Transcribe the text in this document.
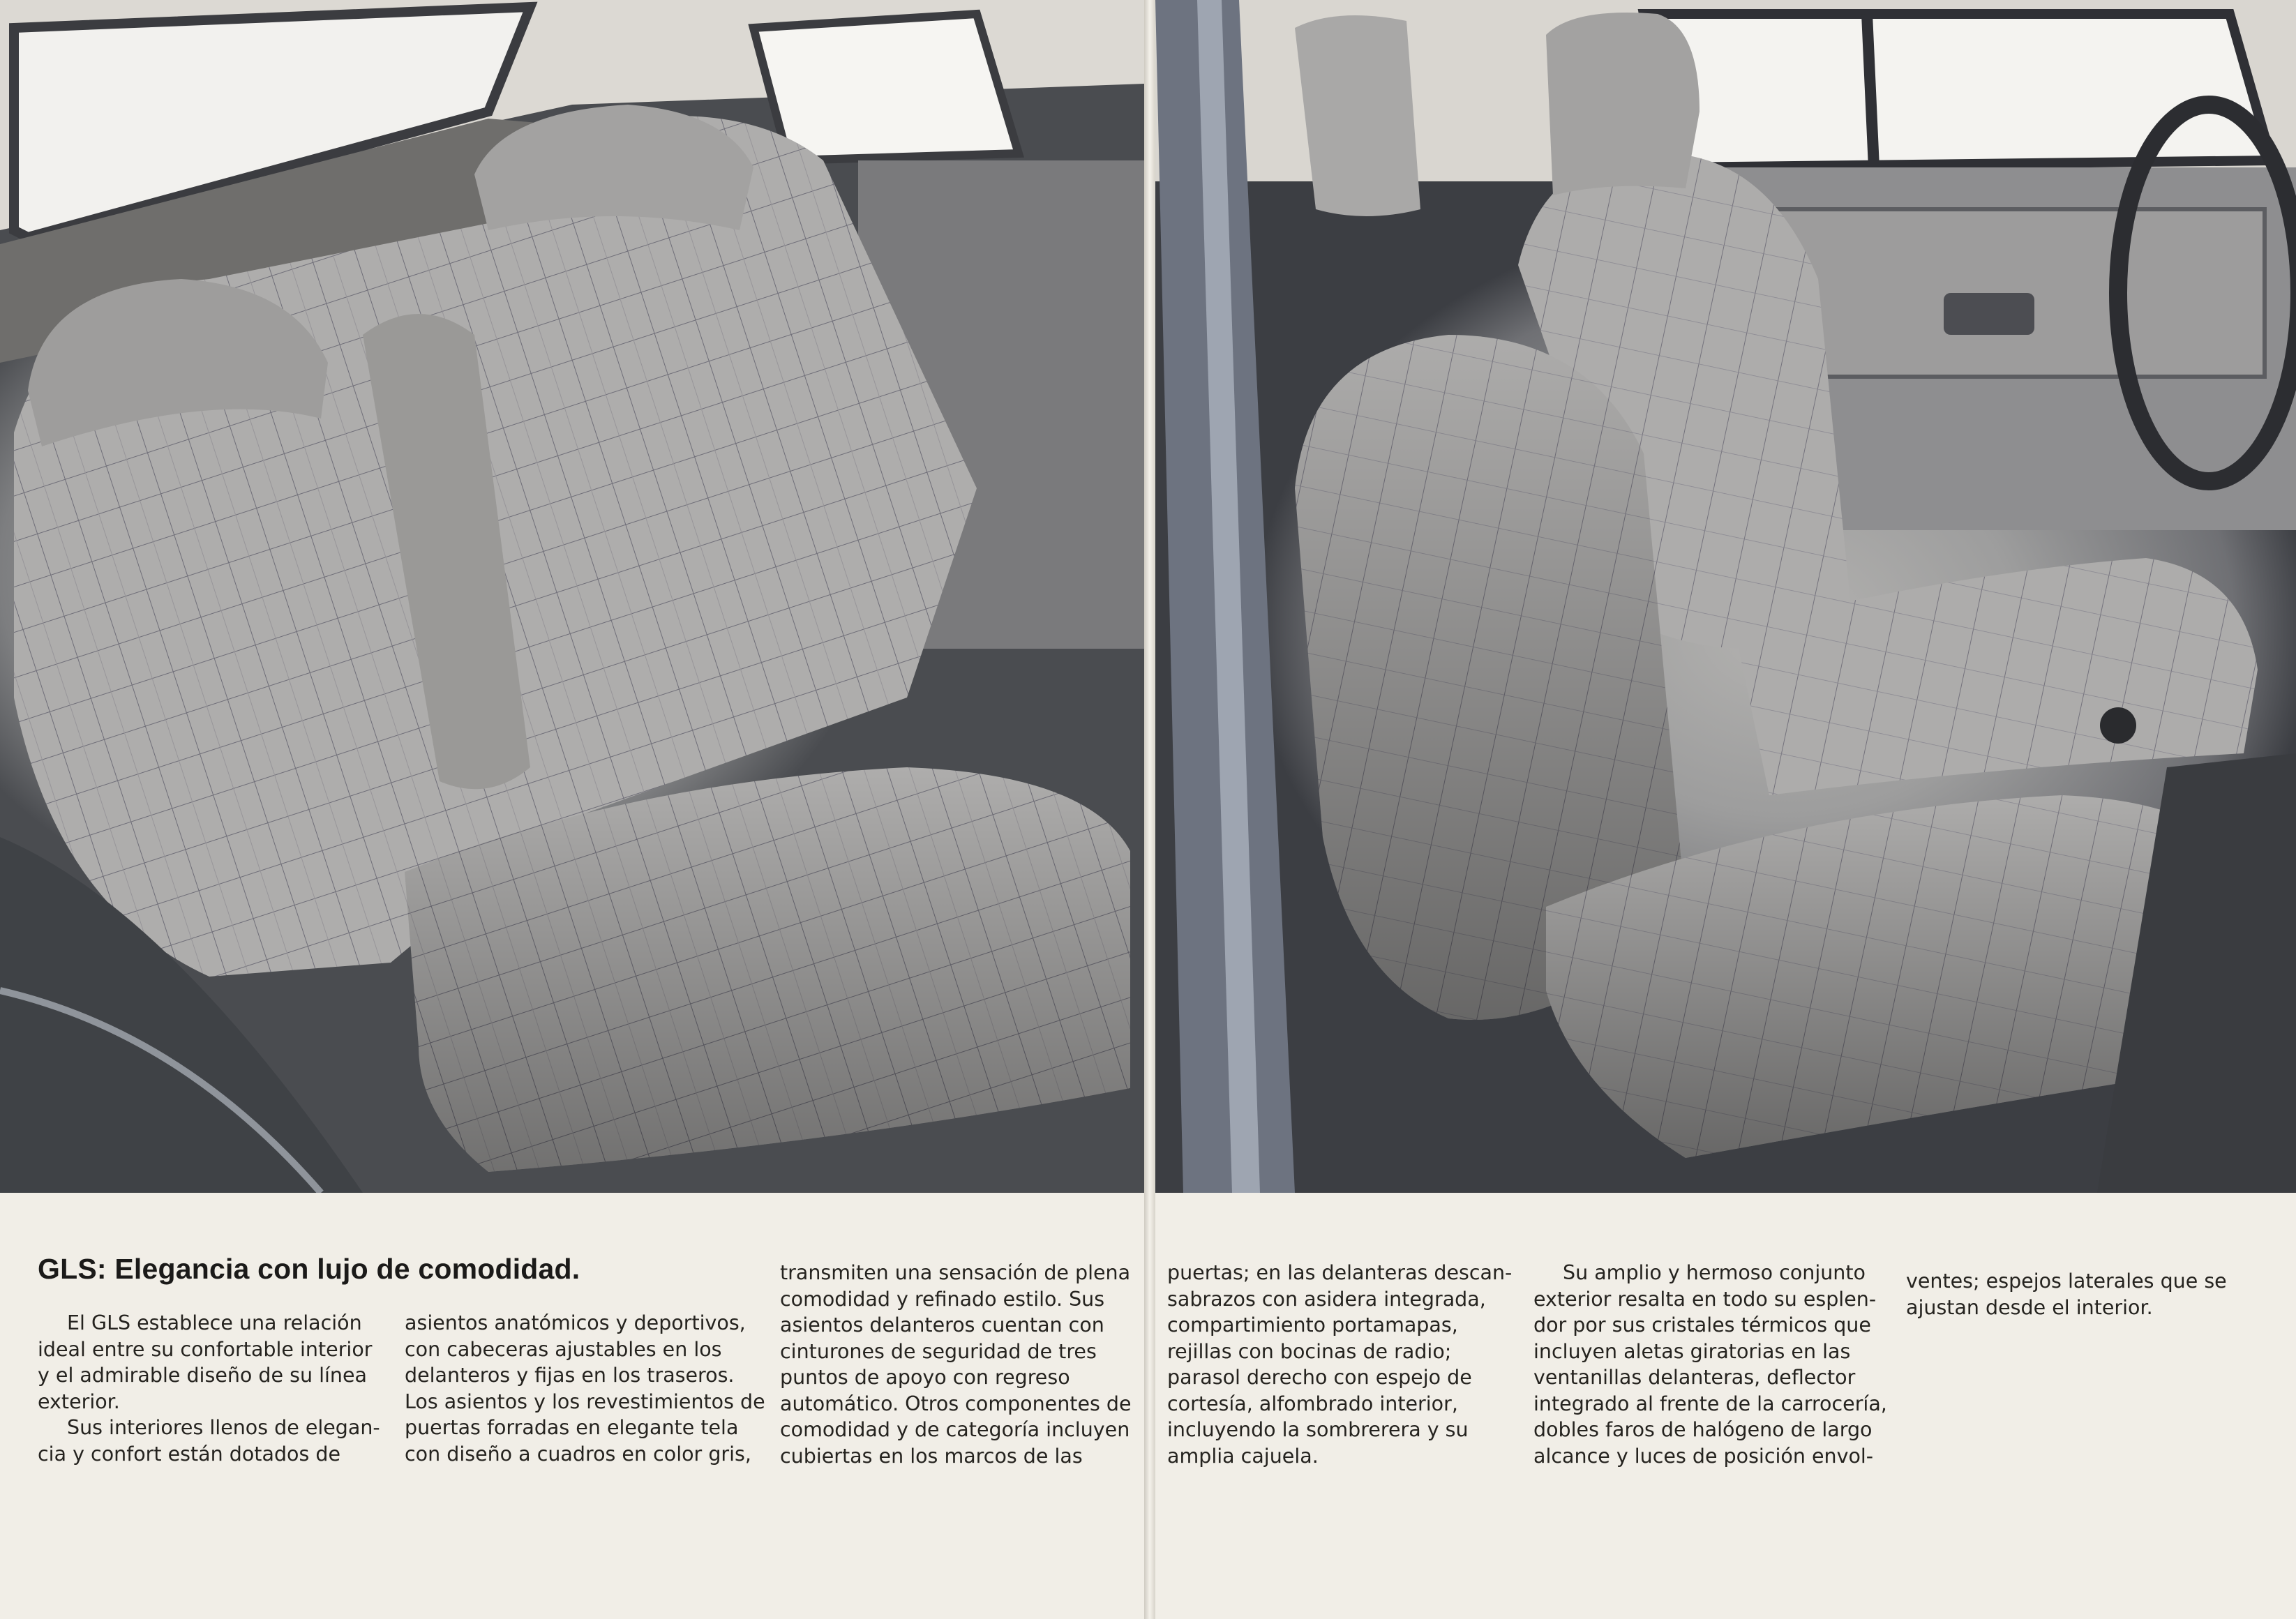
GLS: Elegancia con lujo de comodidad.
El GLS establece una relación
ideal entre su confortable interior
y el admirable diseño de su línea
exterior.
Sus interiores llenos de elegan-
cia y confort están dotados de
asientos anatómicos y deportivos,
con cabeceras ajustables en los
delanteros y fijas en los traseros.
Los asientos y los revestimientos de
puertas forradas en elegante tela
con diseño a cuadros en color gris,
transmiten una sensación de plena
comodidad y refinado estilo. Sus
asientos delanteros cuentan con
cinturones de seguridad de tres
puntos de apoyo con regreso
automático. Otros componentes de
comodidad y de categoría incluyen
cubiertas en los marcos de las
puertas; en las delanteras descan-
sabrazos con asidera integrada,
compartimiento portamapas,
rejillas con bocinas de radio;
parasol derecho con espejo de
cortesía, alfombrado interior,
incluyendo la sombrerera y su
amplia cajuela.
Su amplio y hermoso conjunto
exterior resalta en todo su esplen-
dor por sus cristales térmicos que
incluyen aletas giratorias en las
ventanillas delanteras, deflector
integrado al frente de la carrocería,
dobles faros de halógeno de largo
alcance y luces de posición envol-
ventes; espejos laterales que se
ajustan desde el interior.
